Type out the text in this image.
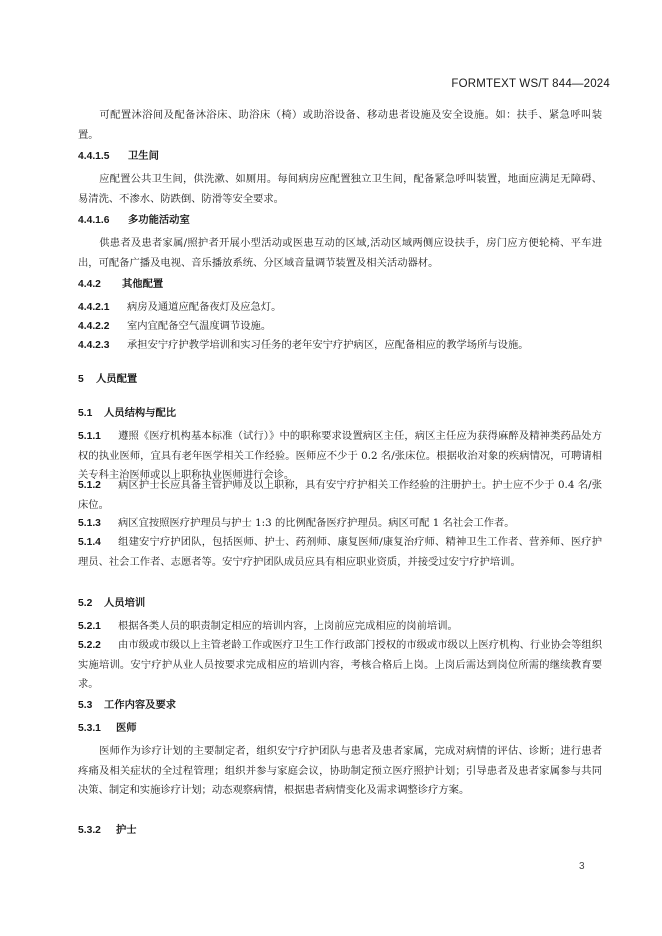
FORMTEXT WS/T 844—2024
可配置沐浴间及配备沐浴床、助浴床（椅）或助浴设备、移动患者设施及安全设施。如：扶手、紧急呼叫装置。
4.4.1.5 卫生间
应配置公共卫生间，供洗漱、如厕用。每间病房应配置独立卫生间，配备紧急呼叫装置，地面应满足无障碍、易清洗、不渗水、防跌倒、防滑等安全要求。
4.4.1.6 多功能活动室
供患者及患者家属/照护者开展小型活动或医患互动的区域,活动区域两侧应设扶手，房门应方便轮椅、平车进出，可配备广播及电视、音乐播放系统、分区域音量调节装置及相关活动器材。
4.4.2 其他配置
4.4.2.1 病房及通道应配备夜灯及应急灯。
4.4.2.2 室内宜配备空气温度调节设施。
4.4.2.3 承担安宁疗护教学培训和实习任务的老年安宁疗护病区，应配备相应的教学场所与设施。
5 人员配置
5.1 人员结构与配比
5.1.1 遵照《医疗机构基本标准（试行）》中的职称要求设置病区主任，病区主任应为获得麻醉及精神类药品处方权的执业医师，宜具有老年医学相关工作经验。医师应不少于 0.2 名/张床位。根据收治对象的疾病情况，可聘请相关专科主治医师或以上职称执业医师进行会诊。
5.1.2 病区护士长应具备主管护师及以上职称，具有安宁疗护相关工作经验的注册护士。护士应不少于 0.4 名/张床位。
5.1.3 病区宜按照医疗护理员与护士 1:3 的比例配备医疗护理员。病区可配 1 名社会工作者。
5.1.4 组建安宁疗护团队，包括医师、护士、药剂师、康复医师/康复治疗师、精神卫生工作者、营养师、医疗护理员、社会工作者、志愿者等。安宁疗护团队成员应具有相应职业资质，并接受过安宁疗护培训。
5.2 人员培训
5.2.1 根据各类人员的职责制定相应的培训内容，上岗前应完成相应的岗前培训。
5.2.2 由市级或市级以上主管老龄工作或医疗卫生工作行政部门授权的市级或市级以上医疗机构、行业协会等组织实施培训。安宁疗护从业人员按要求完成相应的培训内容，考核合格后上岗。上岗后需达到岗位所需的继续教育要求。
5.3 工作内容及要求
5.3.1 医师
医师作为诊疗计划的主要制定者，组织安宁疗护团队与患者及患者家属，完成对病情的评估、诊断；进行患者疼痛及相关症状的全过程管理；组织并参与家庭会议，协助制定预立医疗照护计划；引导患者及患者家属参与共同决策、制定和实施诊疗计划；动态观察病情，根据患者病情变化及需求调整诊疗方案。
5.3.2 护士
3
